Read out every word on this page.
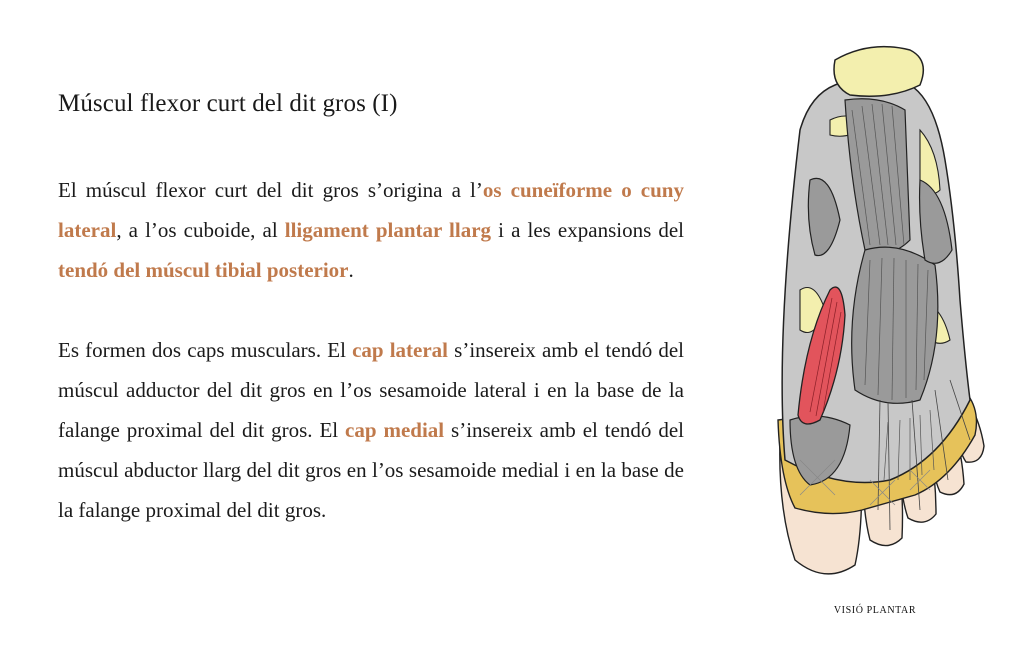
Múscul flexor curt del dit gros (I)

El múscul flexor curt del dit gros s’origina a l’os cuneïforme o cuny lateral, a l’os cuboide, al lligament plantar llarg i a les expansions del tendó del múscul tibial posterior.

Es formen dos caps musculars. El cap lateral s’insereix amb el tendó del múscul adductor del dit gros en l’os sesamoide lateral i en la base de la falange proximal del dit gros. El cap medial s’insereix amb el tendó del múscul abductor llarg del dit gros en l’os sesamoide medial i en la base de la falange proximal del dit gros.

VISIÓ PLANTAR
